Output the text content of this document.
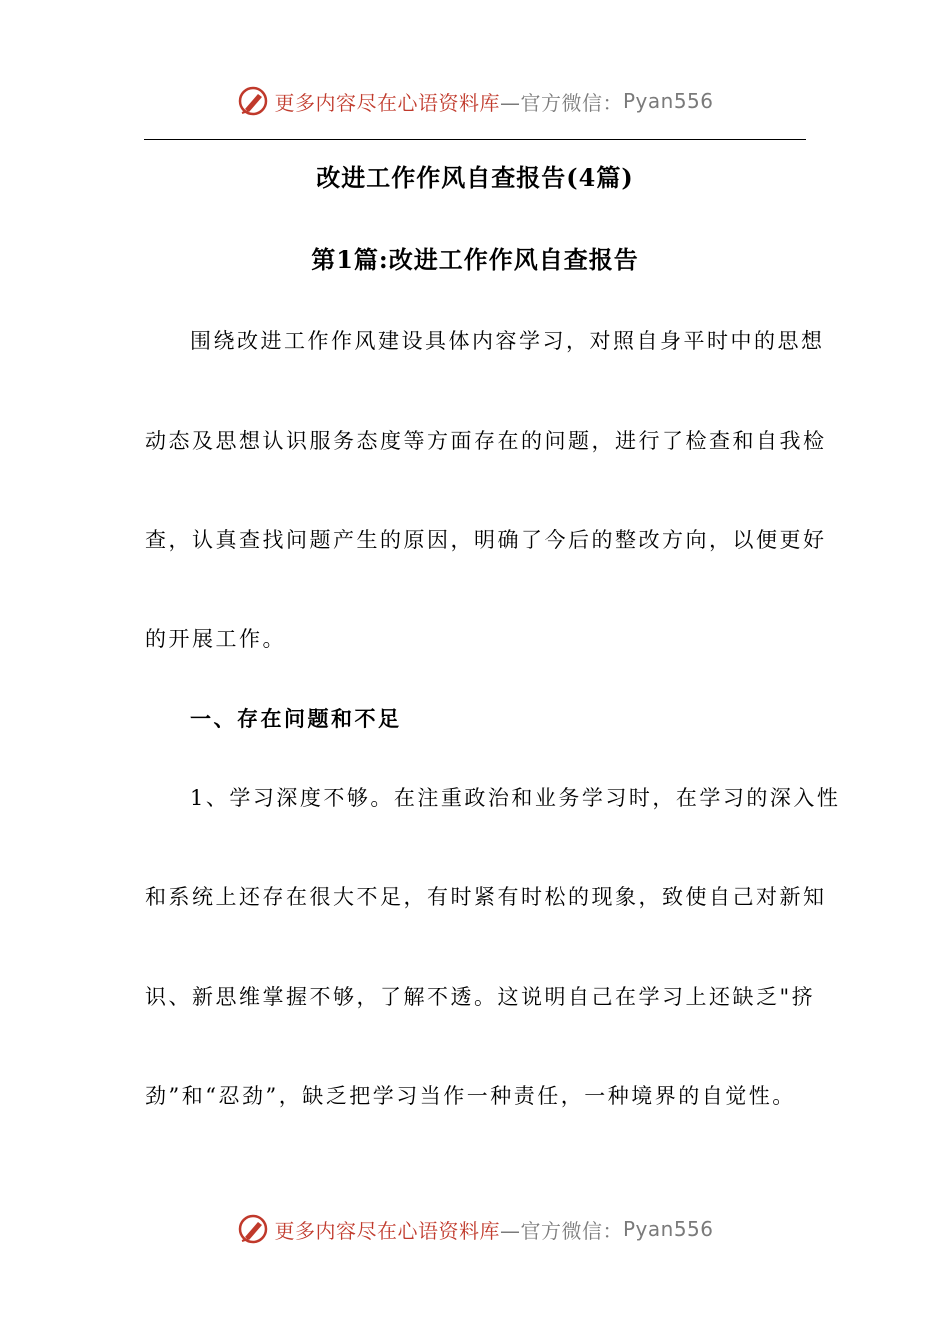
更多内容尽在心语资料库 —官方微信： Pyan556
改进工作作风自查报告(4篇)
第1篇:改进工作作风自查报告
围绕改进工作作风建设具体内容学习，对照自身平时中的思想
动态及思想认识服务态度等方面存在的问题，进行了检查和自我检
查，认真查找问题产生的原因，明确了今后的整改方向，以便更好
的开展工作。
一、存在问题和不足
1、学习深度不够。在注重政治和业务学习时，在学习的深入性
和系统上还存在很大不足，有时紧有时松的现象，致使自己对新知
识、新思维掌握不够，了解不透。这说明自己在学习上还缺乏"挤
劲”和“忍劲”，缺乏把学习当作一种责任，一种境界的自觉性。
更多内容尽在心语资料库 —官方微信： Pyan556
